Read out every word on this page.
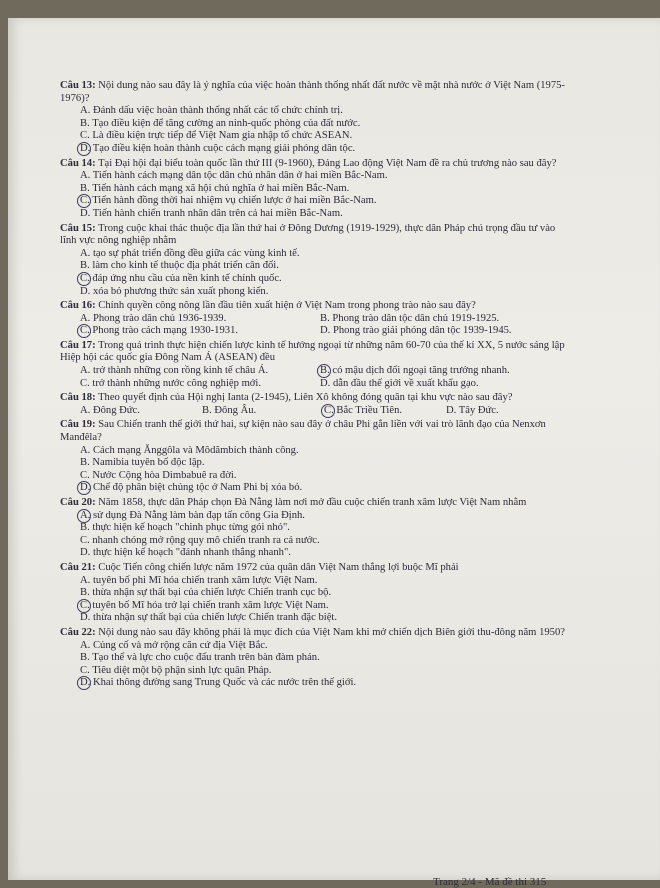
Câu 13: Nội dung nào sau đây là ý nghĩa của việc hoàn thành thống nhất đất nước về mặt nhà nước ở Việt Nam (1975-1976)?
A. Đánh dấu việc hoàn thành thống nhất các tổ chức chính trị.
B. Tạo điều kiện để tăng cường an ninh-quốc phòng của đất nước.
C. Là điều kiện trực tiếp để Việt Nam gia nhập tổ chức ASEAN.
D. Tạo điều kiện hoàn thành cuộc cách mạng giải phóng dân tộc.
Câu 14: Tại Đại hội đại biểu toàn quốc lần thứ III (9-1960), Đảng Lao động Việt Nam đề ra chủ trương nào sau đây?
A. Tiến hành cách mạng dân tộc dân chủ nhân dân ở hai miền Bắc-Nam.
B. Tiến hành cách mạng xã hội chủ nghĩa ở hai miền Bắc-Nam.
C. Tiến hành đồng thời hai nhiệm vụ chiến lược ở hai miền Bắc-Nam.
D. Tiến hành chiến tranh nhân dân trên cả hai miền Bắc-Nam.
Câu 15: Trong cuộc khai thác thuộc địa lần thứ hai ở Đông Dương (1919-1929), thực dân Pháp chú trọng đầu tư vào lĩnh vực nông nghiệp nhằm
A. tạo sự phát triển đồng đều giữa các vùng kinh tế.
B. làm cho kinh tế thuộc địa phát triển cân đối.
C. đáp ứng nhu cầu của nền kinh tế chính quốc.
D. xóa bỏ phương thức sản xuất phong kiến.
Câu 16: Chính quyền công nông lần đầu tiên xuất hiện ở Việt Nam trong phong trào nào sau đây?
A. Phong trào dân chủ 1936-1939.	B. Phong trào dân tộc dân chủ 1919-1925.
C. Phong trào cách mạng 1930-1931.	D. Phong trào giải phóng dân tộc 1939-1945.
Câu 17: Trong quá trình thực hiện chiến lược kinh tế hướng ngoại từ những năm 60-70 của thế kỉ XX, 5 nước sáng lập Hiệp hội các quốc gia Đông Nam Á (ASEAN) đều
A. trở thành những con rồng kinh tế châu Á.	B. có mậu dịch đối ngoại tăng trưởng nhanh.
C. trở thành những nước công nghiệp mới.	D. dẫn đầu thế giới về xuất khẩu gạo.
Câu 18: Theo quyết định của Hội nghị Ianta (2-1945), Liên Xô không đóng quân tại khu vực nào sau đây?
A. Đông Đức.	B. Đông Âu.	C. Bắc Triều Tiên.	D. Tây Đức.
Câu 19: Sau Chiến tranh thế giới thứ hai, sự kiện nào sau đây ở châu Phi gắn liền với vai trò lãnh đạo của Nenxơn Manđêla?
A. Cách mạng Ănggôla và Môdămbích thành công.
B. Namibia tuyên bố độc lập.
C. Nước Cộng hòa Dimbabuê ra đời.
D. Chế độ phân biệt chủng tộc ở Nam Phi bị xóa bỏ.
Câu 20: Năm 1858, thực dân Pháp chọn Đà Nẵng làm nơi mở đầu cuộc chiến tranh xâm lược Việt Nam nhằm
A. sử dụng Đà Nẵng làm bàn đạp tấn công Gia Định.
B. thực hiện kế hoạch "chinh phục từng gói nhỏ".
C. nhanh chóng mở rộng quy mô chiến tranh ra cả nước.
D. thực hiện kế hoạch "đánh nhanh thắng nhanh".
Câu 21: Cuộc Tiến công chiến lược năm 1972 của quân dân Việt Nam thắng lợi buộc Mĩ phải
A. tuyên bố phi Mĩ hóa chiến tranh xâm lược Việt Nam.
B. thừa nhận sự thất bại của chiến lược Chiến tranh cục bộ.
C. tuyên bố Mĩ hóa trở lại chiến tranh xâm lược Việt Nam.
D. thừa nhận sự thất bại của chiến lược Chiến tranh đặc biệt.
Câu 22: Nội dung nào sau đây không phải là mục đích của Việt Nam khi mở chiến dịch Biên giới thu-đông năm 1950?
A. Củng cố và mở rộng căn cứ địa Việt Bắc.
B. Tạo thế và lực cho cuộc đấu tranh trên bàn đàm phán.
C. Tiêu diệt một bộ phận sinh lực quân Pháp.
D. Khai thông đường sang Trung Quốc và các nước trên thế giới.
Trang 2/4 - Mã đề thi 315
